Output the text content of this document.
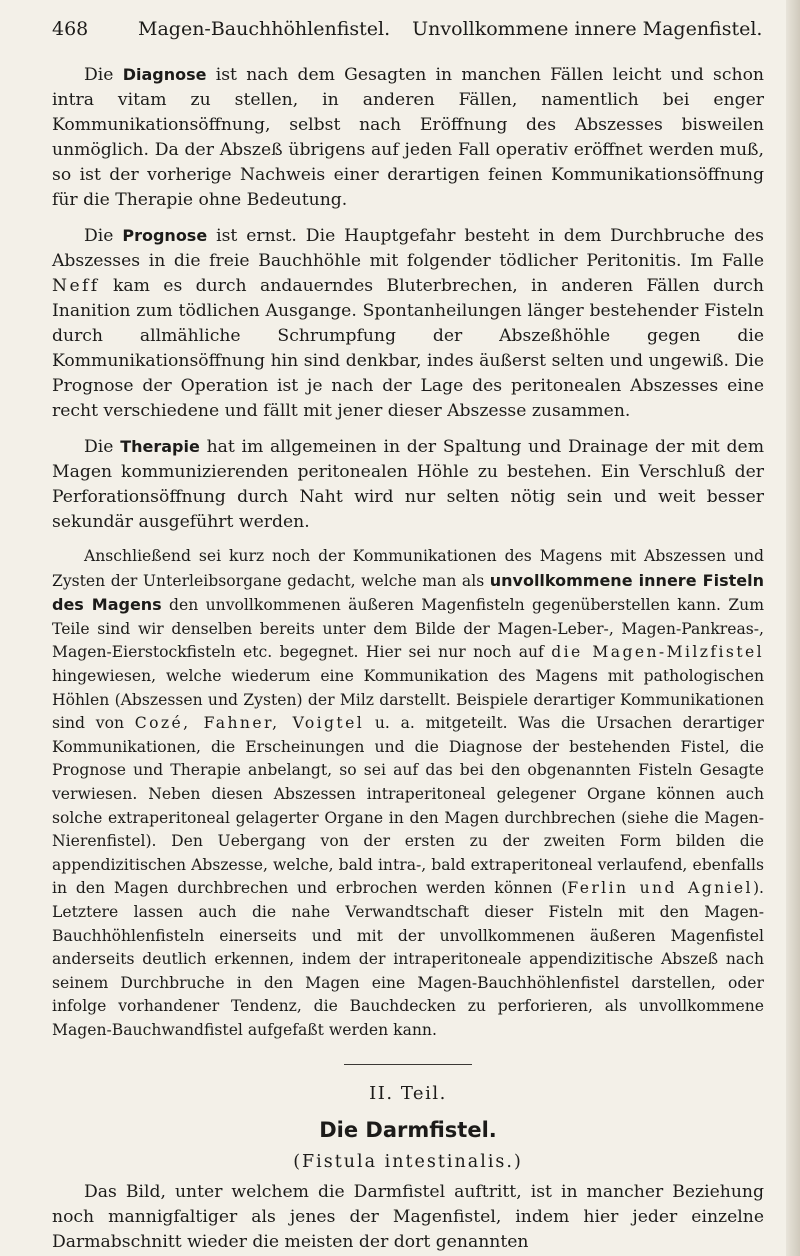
468	Magen-Bauchhöhlenfistel. Unvollkommene innere Magenfistel.

Die Diagnose ist nach dem Gesagten in manchen Fällen leicht und schon intra vitam zu stellen, in anderen Fällen, namentlich bei enger Kommunikationsöffnung, selbst nach Eröffnung des Abszesses bisweilen unmöglich. Da der Abszeß übrigens auf jeden Fall operativ eröffnet werden muß, so ist der vorherige Nachweis einer derartigen feinen Kommunikationsöffnung für die Therapie ohne Bedeutung.

Die Prognose ist ernst. Die Hauptgefahr besteht in dem Durchbruche des Abszesses in die freie Bauchhöhle mit folgender tödlicher Peritonitis. Im Falle Neff kam es durch andauerndes Bluterbrechen, in anderen Fällen durch Inanition zum tödlichen Ausgange. Spontanheilungen länger bestehender Fisteln durch allmähliche Schrumpfung der Abszeßhöhle gegen die Kommunikationsöffnung hin sind denkbar, indes äußerst selten und ungewiß. Die Prognose der Operation ist je nach der Lage des peritonealen Abszesses eine recht verschiedene und fällt mit jener dieser Abszesse zusammen.

Die Therapie hat im allgemeinen in der Spaltung und Drainage der mit dem Magen kommunizierenden peritonealen Höhle zu bestehen. Ein Verschluß der Perforationsöffnung durch Naht wird nur selten nötig sein und weit besser sekundär ausgeführt werden.

Anschließend sei kurz noch der Kommunikationen des Magens mit Abszessen und Zysten der Unterleibsorgane gedacht, welche man als unvollkommene innere Fisteln des Magens den unvollkommenen äußeren Magenfisteln gegenüberstellen kann. Zum Teile sind wir denselben bereits unter dem Bilde der Magen-Leber-, Magen-Pankreas-, Magen-Eierstockfisteln etc. begegnet. Hier sei nur noch auf die Magen-Milzfistel hingewiesen, welche wiederum eine Kommunikation des Magens mit pathologischen Höhlen (Abszessen und Zysten) der Milz darstellt. Beispiele derartiger Kommunikationen sind von Cozé, Fahner, Voigtel u. a. mitgeteilt. Was die Ursachen derartiger Kommunikationen, die Erscheinungen und die Diagnose der bestehenden Fistel, die Prognose und Therapie anbelangt, so sei auf das bei den obgenannten Fisteln Gesagte verwiesen. Neben diesen Abszessen intraperitoneal gelegener Organe können auch solche extraperitoneal gelagerter Organe in den Magen durchbrechen (siehe die Magen-Nierenfistel). Den Uebergang von der ersten zu der zweiten Form bilden die appendizitischen Abszesse, welche, bald intra-, bald extraperitoneal verlaufend, ebenfalls in den Magen durchbrechen und erbrochen werden können (Ferlin und Agniel). Letztere lassen auch die nahe Verwandtschaft dieser Fisteln mit den Magen-Bauchhöhlenfisteln einerseits und mit der unvollkommenen äußeren Magenfistel anderseits deutlich erkennen, indem der intraperitoneale appendizitische Abszeß nach seinem Durchbruche in den Magen eine Magen-Bauchhöhlenfistel darstellen, oder infolge vorhandener Tendenz, die Bauchdecken zu perforieren, als unvollkommene Magen-Bauchwandfistel aufgefaßt werden kann.

II. Teil.
Die Darmfistel.
(Fistula intestinalis.)

Das Bild, unter welchem die Darmfistel auftritt, ist in mancher Beziehung noch mannigfaltiger als jenes der Magenfistel, indem hier jeder einzelne Darmabschnitt wieder die meisten der dort genannten
